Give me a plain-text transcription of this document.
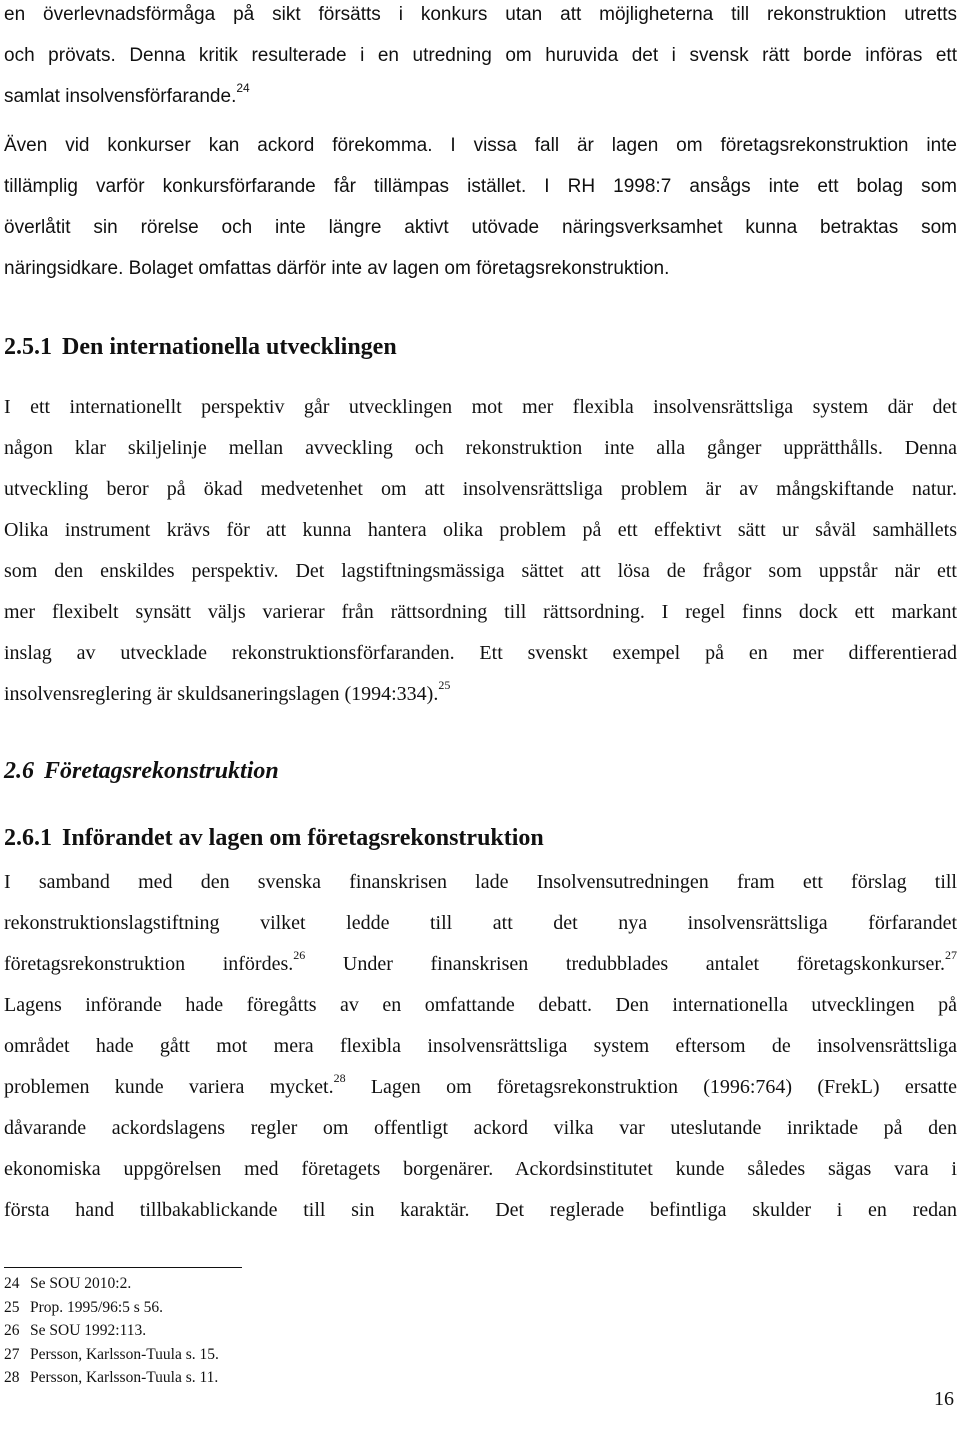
en överlevnadsförmåga på sikt försätts i konkurs utan att möjligheterna till rekonstruktion utretts
och prövats. Denna kritik resulterade i en utredning om huruvida det i svensk rätt borde införas ett
samlat insolvensförfarande.$^{24}$
Även vid konkurser kan ackord förekomma. I vissa fall är lagen om företagsrekonstruktion inte
tillämplig varför konkursförfarande får tillämpas istället. I RH 1998:7 ansågs inte ett bolag som
överlåtit sin rörelse och inte längre aktivt utövade näringsverksamhet kunna betraktas som
näringsidkare. Bolaget omfattas därför inte av lagen om företagsrekonstruktion.
2.5.1 Den internationella utvecklingen
I ett internationellt perspektiv går utvecklingen mot mer flexibla insolvensrättsliga system där det
någon klar skiljelinje mellan avveckling och rekonstruktion inte alla gånger upprätthålls. Denna
utveckling beror på ökad medvetenhet om att insolvensrättsliga problem är av mångskiftande natur.
Olika instrument krävs för att kunna hantera olika problem på ett effektivt sätt ur såväl samhällets
som den enskildes perspektiv. Det lagstiftningsmässiga sättet att lösa de frågor som uppstår när ett
mer flexibelt synsätt väljs varierar från rättsordning till rättsordning. I regel finns dock ett markant
inslag av utvecklade rekonstruktionsförfaranden. Ett svenskt exempel på en mer differentierad
insolvensreglering är skuldsaneringslagen (1994:334).$^{25}$
2.6 Företagsrekonstruktion
2.6.1 Införandet av lagen om företagsrekonstruktion
I samband med den svenska finanskrisen lade Insolvensutredningen fram ett förslag till
rekonstruktionslagstiftning vilket ledde till att det nya insolvensrättsliga förfarandet
företagsrekonstruktion infördes.$^{26}$ Under finanskrisen tredubblades antalet företagskonkurser.$^{27}$
Lagens införande hade föregåtts av en omfattande debatt. Den internationella utvecklingen på
området hade gått mot mera flexibla insolvensrättsliga system eftersom de insolvensrättsliga
problemen kunde variera mycket.$^{28}$ Lagen om företagsrekonstruktion (1996:764) (FrekL) ersatte
dåvarande ackordslagens regler om offentligt ackord vilka var uteslutande inriktade på den
ekonomiska uppgörelsen med företagets borgenärer. Ackordsinstitutet kunde således sägas vara i
första hand tillbakablickande till sin karaktär. Det reglerade befintliga skulder i en redan
24 Se SOU 2010:2.
25 Prop. 1995/96:5 s 56.
26 Se SOU 1992:113.
27 Persson, Karlsson-Tuula s. 15.
28 Persson, Karlsson-Tuula s. 11.
16
